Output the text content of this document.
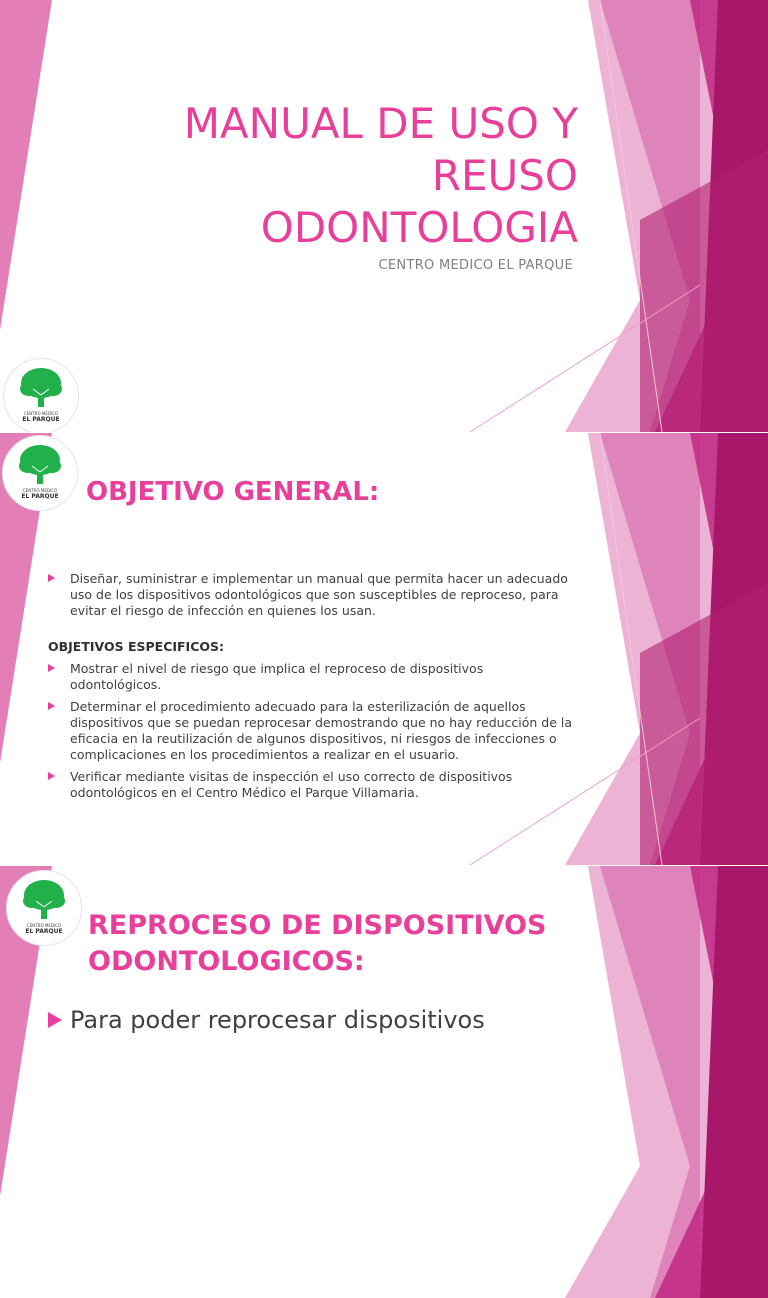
MANUAL DE USO Y
REUSO
ODONTOLOGIA
CENTRO MEDICO EL PARQUE
CENTRO MEDICO
EL PARQUE
CENTRO MEDICO
EL PARQUE	OBJETIVO GENERAL:

Diseñar, suministrar e implementar un manual que permita hacer un adecuado uso de los dispositivos odontológicos que son susceptibles de reproceso, para evitar el riesgo de infección en quienes los usan.

OBJETIVOS ESPECIFICOS:

Mostrar el nivel de riesgo que implica el reproceso de dispositivos odontológicos.

Determinar el procedimiento adecuado para la esterilización de aquellos dispositivos que se puedan reprocesar demostrando que no hay reducción de la eficacia en la reutilización de algunos dispositivos, ni riesgos de infecciones o complicaciones en los procedimientos a realizar en el usuario.

Verificar mediante visitas de inspección el uso correcto de dispositivos odontológicos en el Centro Médico el Parque Villamaria.

CENTRO MEDICO
EL PARQUE REPROCESO DE DISPOSITIVOS
ODONTOLOGICOS:
Para poder reprocesar dispositivos
